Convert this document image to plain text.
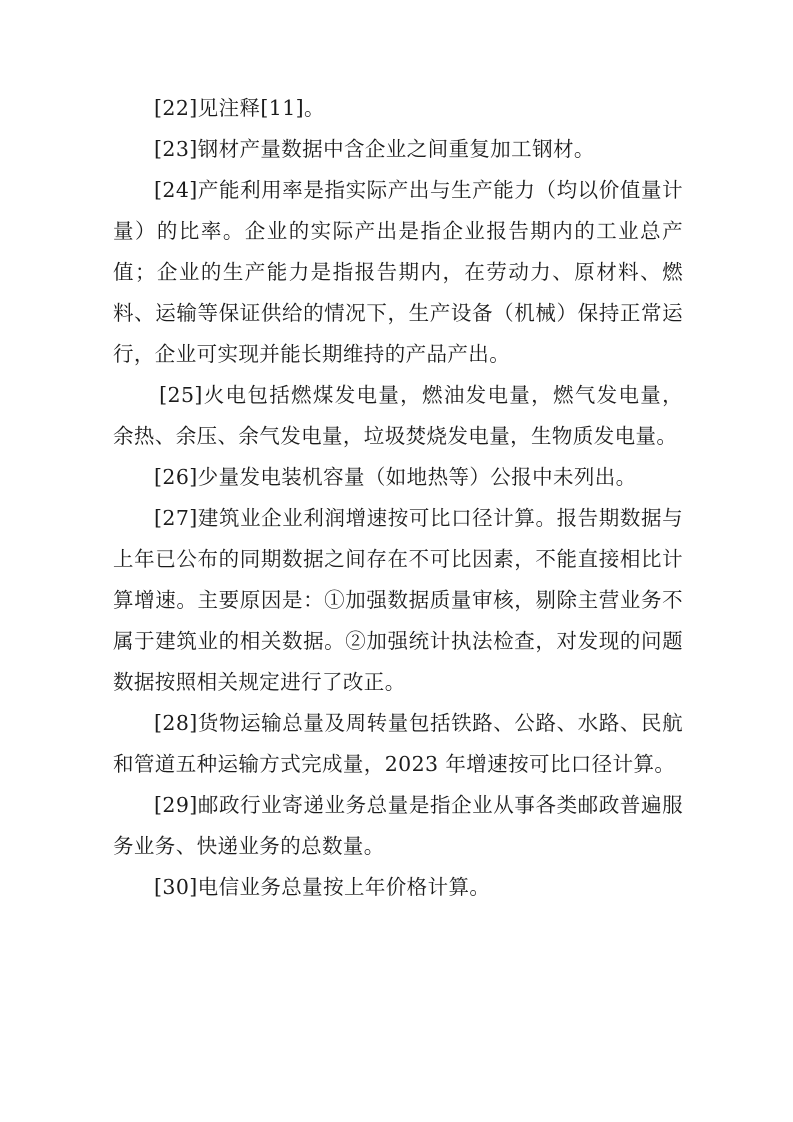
[22]见注释[11]。

[23]钢材产量数据中含企业之间重复加工钢材。

[24]产能利用率是指实际产出与生产能力（均以价值量计量）的比率。企业的实际产出是指企业报告期内的工业总产值；企业的生产能力是指报告期内，在劳动力、原材料、燃料、运输等保证供给的情况下，生产设备（机械）保持正常运行，企业可实现并能长期维持的产品产出。

[25]火电包括燃煤发电量，燃油发电量，燃气发电量，余热、余压、余气发电量，垃圾焚烧发电量，生物质发电量。

[26]少量发电装机容量（如地热等）公报中未列出。

[27]建筑业企业利润增速按可比口径计算。报告期数据与上年已公布的同期数据之间存在不可比因素，不能直接相比计算增速。主要原因是：①加强数据质量审核，剔除主营业务不属于建筑业的相关数据。②加强统计执法检查，对发现的问题数据按照相关规定进行了改正。

[28]货物运输总量及周转量包括铁路、公路、水路、民航和管道五种运输方式完成量，2023 年增速按可比口径计算。

[29]邮政行业寄递业务总量是指企业从事各类邮政普遍服务业务、快递业务的总数量。

[30]电信业务总量按上年价格计算。
